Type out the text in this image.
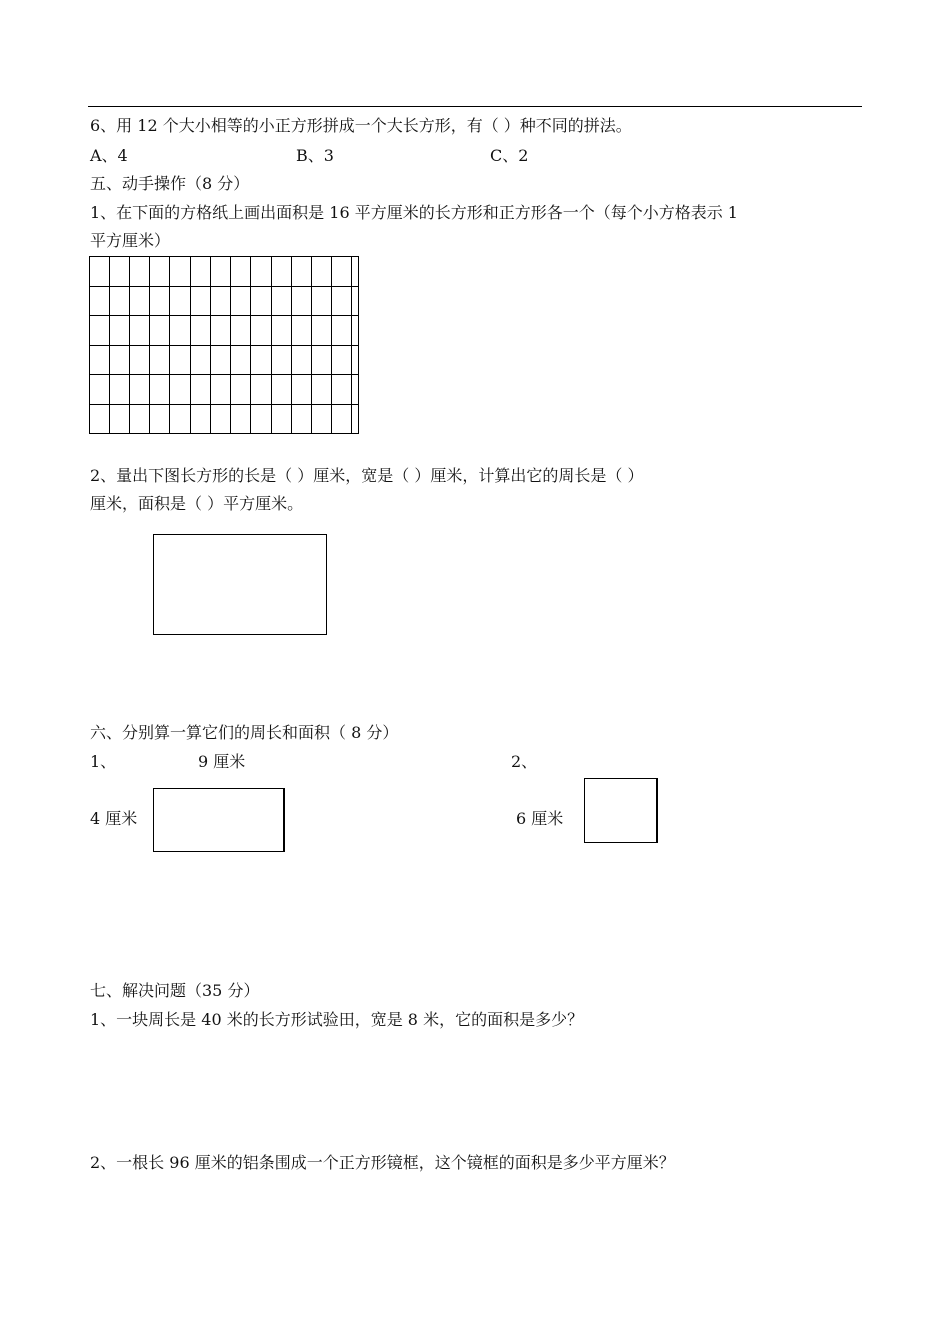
6、用 12 个大小相等的小正方形拼成一个大长方形，有（ ）种不同的拼法。
A、4	B、3	C、2
五、动手操作（8 分）
1、在下面的方格纸上画出面积是 16 平方厘米的长方形和正方形各一个（每个小方格表示 1
平方厘米）
2、量出下图长方形的长是（ ）厘米，宽是（ ）厘米，计算出它的周长是（ ）
厘米，面积是（ ）平方厘米。
六、分别算一算它们的周长和面积（ 8 分）
1、	9 厘米	2、
4 厘米	6 厘米
七、解决问题（35 分）
1、一块周长是 40 米的长方形试验田，宽是 8 米，它的面积是多少？
2、一根长 96 厘米的铝条围成一个正方形镜框，这个镜框的面积是多少平方厘米？
